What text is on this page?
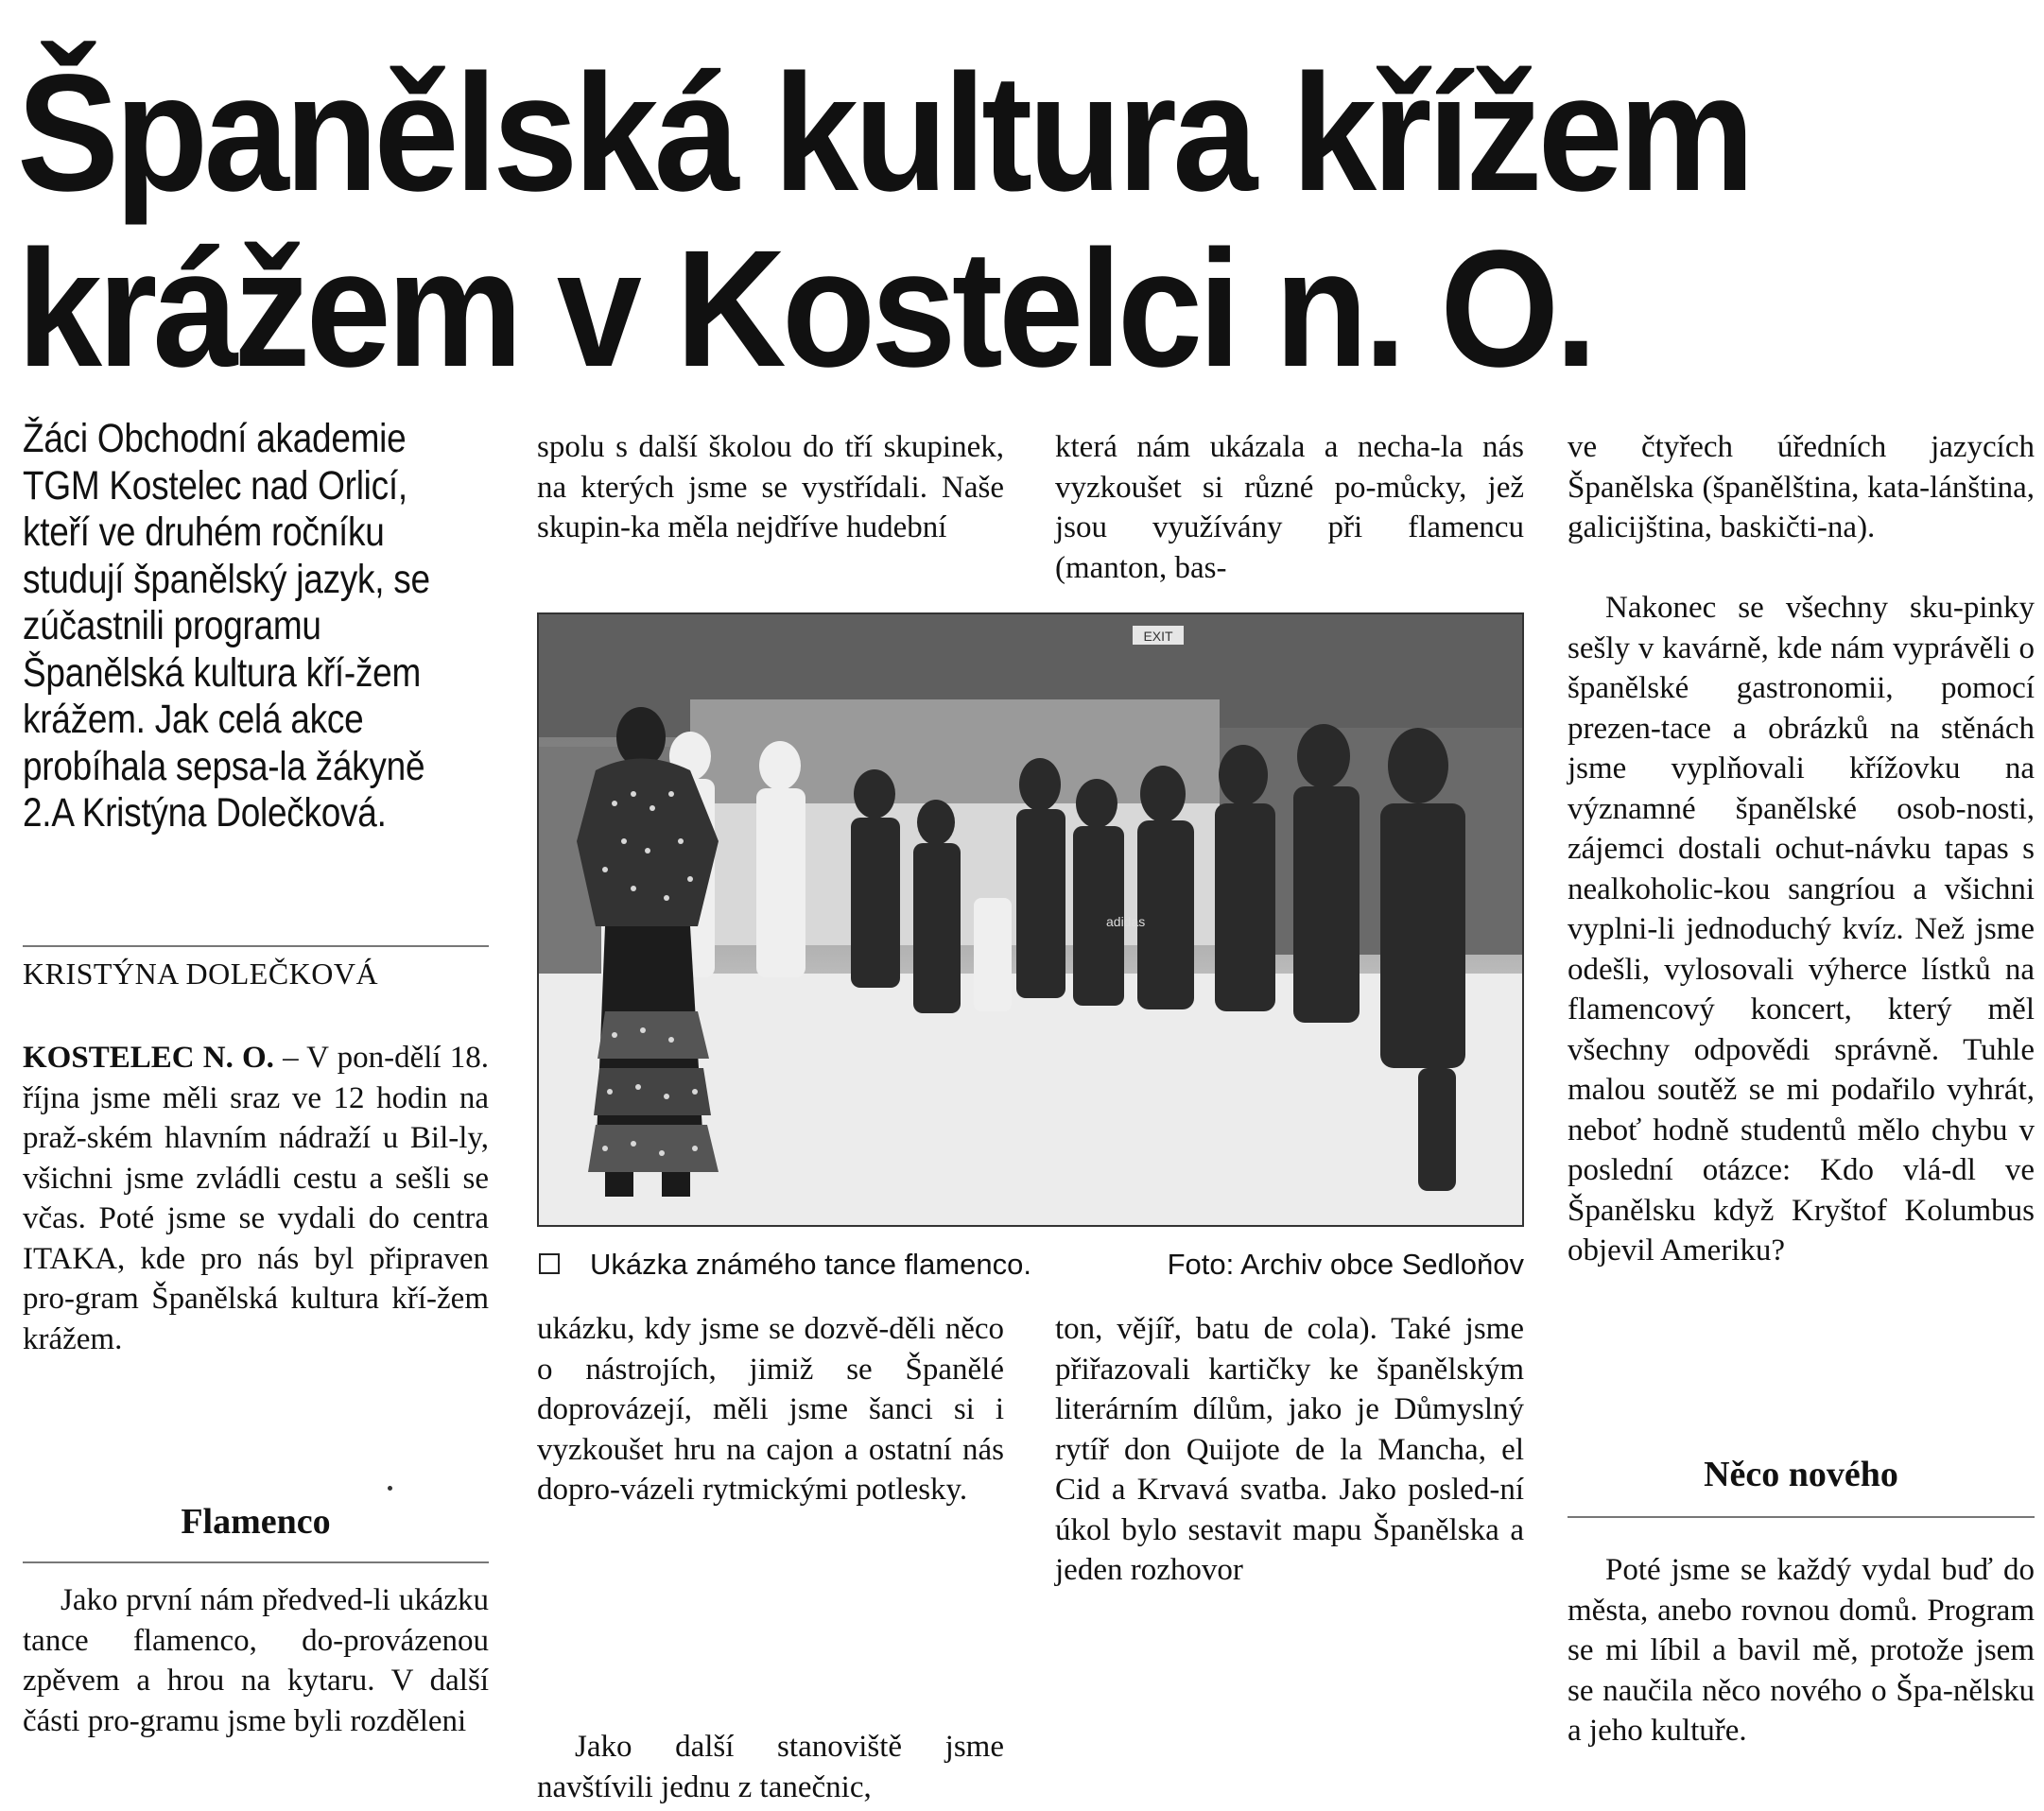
Španělská kultura křížem
krážem v Kostelci n. O.

Žáci Obchodní akademie TGM Kostelec nad Orlicí, kteří ve druhém ročníku studují španělský jazyk, se zúčastnili programu Španělská kultura kří-žem krážem. Jak celá akce probíhala sepsa-la žákyně 2.A Kristýna Dolečková.

KRISTÝNA DOLEČKOVÁ
KOSTELEC N. O. – V pon-dělí 18. října jsme měli sraz ve 12 hodin na praž-ském hlavním nádraží u Bil-ly, všichni jsme zvládli cestu a sešli se včas. Poté jsme se vydali do centra ITAKA, kde pro nás byl připraven pro-gram Španělská kultura kří-žem krážem.
Flamenco
Jako první nám předved-li ukázku tance flamenco, do-provázenou zpěvem a hrou na kytaru. V další části pro-gramu jsme byli rozděleni
spolu s další školou do tří skupinek, na kterých jsme se vystřídali. Naše skupin-ka měla nejdříve hudební
ukázku, kdy jsme se dozvě-děli něco o nástrojích, jimiž se Španělé doprovázejí, měli jsme šanci si i vyzkoušet hru na cajon a ostatní nás dopro-vázeli rytmickými potlesky.
Jako další stanoviště jsme navštívili jednu z tanečnic,
která nám ukázala a necha-la nás vyzkoušet si různé po-můcky, jež jsou využívány při flamencu (manton, bas-
ton, vějíř, batu de cola). Také jsme přiřazovali kartičky ke španělským literárním dílům, jako je Důmyslný rytíř don Quijote de la Mancha, el Cid a Krvavá svatba. Jako posled-ní úkol bylo sestavit mapu Španělska a jeden rozhovor
EXIT
adidas
Ukázka známého tance flamenco.	Foto: Archiv obce Sedloňov
ve čtyřech úředních jazycích Španělska (španělština, kata-lánština, galicijština, baskičti-na).
Nakonec se všechny sku-pinky sešly v kavárně, kde nám vyprávěli o španělské gastronomii, pomocí prezen-tace a obrázků na stěnách jsme vyplňovali křížovku na významné španělské osob-nosti, zájemci dostali ochut-návku tapas s nealkoholic-kou sangríou a všichni vyplni-li jednoduchý kvíz. Než jsme odešli, vylosovali výherce lístků na flamencový koncert, který měl všechny odpovědi správně. Tuhle malou soutěž se mi podařilo vyhrát, neboť hodně studentů mělo chybu v poslední otázce: Kdo vlá-dl ve Španělsku když Kryštof Kolumbus objevil Ameriku?
Něco nového
Poté jsme se každý vydal buď do města, anebo rovnou domů. Program se mi líbil a bavil mě, protože jsem se naučila něco nového o Špa-nělsku a jeho kultuře.
